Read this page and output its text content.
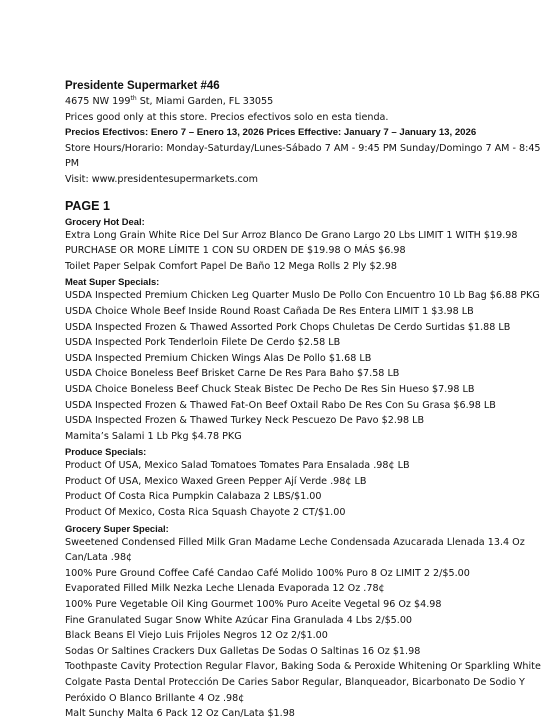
Presidente Supermarket #46
4675 NW 199th St, Miami Garden, FL 33055
Prices good only at this store. Precios efectivos solo en esta tienda.
Precios Efectivos: Enero 7 – Enero 13, 2026 Prices Effective: January 7 – January 13, 2026
Store Hours/Horario: Monday-Saturday/Lunes-Sábado 7 AM - 9:45 PM Sunday/Domingo 7 AM - 8:45 PM
Visit: www.presidentesupermarkets.com
PAGE 1
Grocery Hot Deal:
Extra Long Grain White Rice Del Sur Arroz Blanco De Grano Largo 20 Lbs LIMIT 1 WITH $19.98 PURCHASE OR MORE LÍMITE 1 CON SU ORDEN DE $19.98 O MÁS $6.98
Toilet Paper Selpak Comfort Papel De Baño 12 Mega Rolls 2 Ply $2.98
Meat Super Specials:
USDA Inspected Premium Chicken Leg Quarter Muslo De Pollo Con Encuentro 10 Lb Bag $6.88 PKG
USDA Choice Whole Beef Inside Round Roast Cañada De Res Entera LIMIT 1 $3.98 LB
USDA Inspected Frozen & Thawed Assorted Pork Chops Chuletas De Cerdo Surtidas $1.88 LB
USDA Inspected Pork Tenderloin Filete De Cerdo $2.58 LB
USDA Inspected Premium Chicken Wings Alas De Pollo $1.68 LB
USDA Choice Boneless Beef Brisket Carne De Res Para Baho $7.58 LB
USDA Choice Boneless Beef Chuck Steak Bistec De Pecho De Res Sin Hueso $7.98 LB
USDA Inspected Frozen & Thawed Fat-On Beef Oxtail Rabo De Res Con Su Grasa $6.98 LB
USDA Inspected Frozen & Thawed Turkey Neck Pescuezo De Pavo $2.98 LB
Mamita’s Salami 1 Lb Pkg $4.78 PKG
Produce Specials:
Product Of USA, Mexico Salad Tomatoes Tomates Para Ensalada .98¢ LB
Product Of USA, Mexico Waxed Green Pepper Ají Verde .98¢ LB
Product Of Costa Rica Pumpkin Calabaza 2 LBS/$1.00
Product Of Mexico, Costa Rica Squash Chayote 2 CT/$1.00
Grocery Super Special:
Sweetened Condensed Filled Milk Gran Madame Leche Condensada Azucarada Llenada 13.4 Oz Can/Lata .98¢
100% Pure Ground Coffee Café Candao Café Molido 100% Puro 8 Oz LIMIT 2 2/$5.00
Evaporated Filled Milk Nezka Leche Llenada Evaporada 12 Oz .78¢
100% Pure Vegetable Oil King Gourmet 100% Puro Aceite Vegetal 96 Oz $4.98
Fine Granulated Sugar Snow White Azúcar Fina Granulada 4 Lbs 2/$5.00
Black Beans El Viejo Luis Frijoles Negros 12 Oz 2/$1.00
Sodas Or Saltines Crackers Dux Galletas De Sodas O Saltinas 16 Oz $1.98
Toothpaste Cavity Protection Regular Flavor, Baking Soda & Peroxide Whitening Or Sparkling White Colgate Pasta Dental Protección De Caries Sabor Regular, Blanqueador, Bicarbonato De Sodio Y Peróxido O Blanco Brillante 4 Oz .98¢
Malt Sunchy Malta 6 Pack 12 Oz Can/Lata $1.98
